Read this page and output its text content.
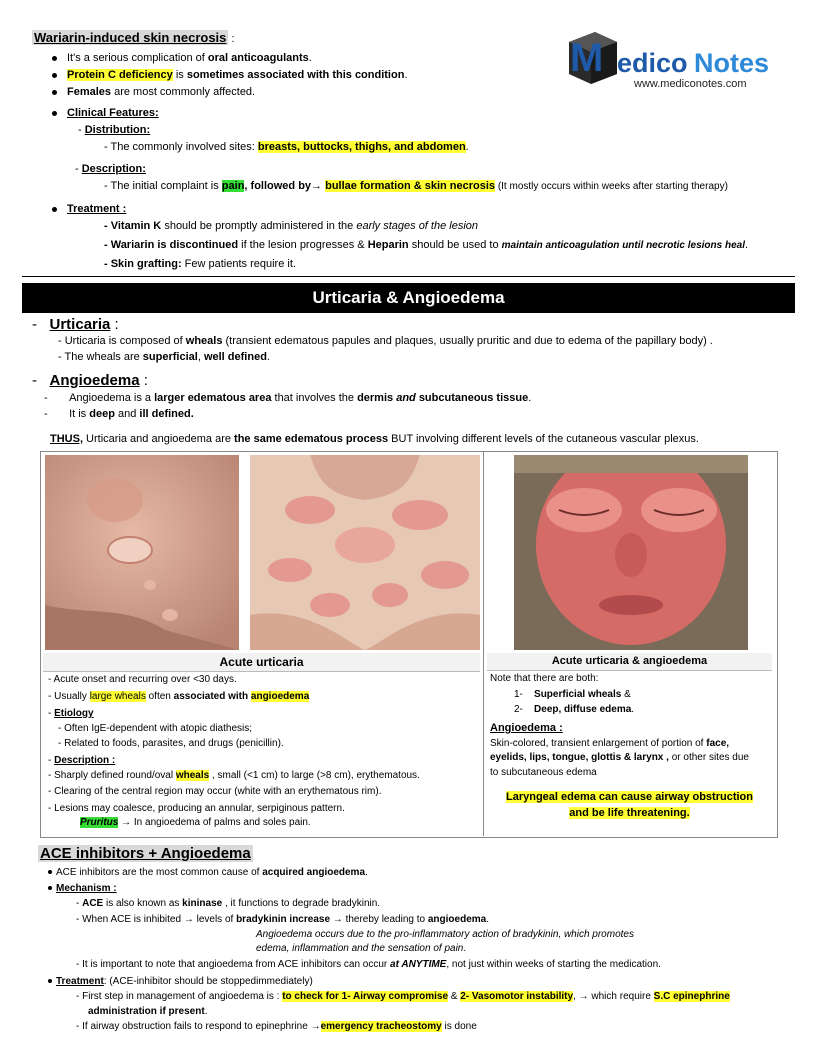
M edico Notes
www.mediconotes.com
Wariarin-induced skin necrosis :
It's a serious complication of oral anticoagulants.
Protein C deficiency is sometimes associated with this condition.
Females are most commonly affected.
Clinical Features:
- Distribution:
- The commonly involved sites: breasts, buttocks, thighs, and abdomen.
- Description:
- The initial complaint is pain, followed by→ bullae formation & skin necrosis (It mostly occurs within weeks after starting therapy)
Treatment :
- Vitamin K should be promptly administered in the early stages of the lesion
- Wariarin is discontinued if the lesion progresses & Heparin should be used to maintain anticoagulation until necrotic lesions heal.
- Skin grafting: Few patients require it.
Urticaria & Angioedema
- Urticaria :
- Urticaria is composed of wheals (transient edematous papules and plaques, usually pruritic and due to edema of the papillary body) .
- The wheals are superficial, well defined.
- Angioedema :
-       Angioedema is a larger edematous area that involves the dermis and subcutaneous tissue.
-       It is deep and ill defined.
THUS, Urticaria and angioedema are the same edematous process BUT involving different levels of the cutaneous vascular plexus.
Acute urticaria	Acute urticaria & angioedema
- Acute onset and recurring over <30 days.
- Usually large wheals often associated with angioedema
- Etiology
- Often IgE-dependent with atopic diathesis;
- Related to foods, parasites, and drugs (penicillin).
- Description :
- Sharply defined round/oval wheals , small (<1 cm) to large (>8 cm), erythematous.
- Clearing of the central region may occur (white with an erythematous rim).
- Lesions may coalesce, producing an annular, serpiginous pattern.
Pruritus → In angioedema of palms and soles pain.
Note that there are both:
1- Superficial wheals &
2- Deep, diffuse edema.
Angioedema :
Skin-colored, transient enlargement of portion of face,
eyelids, lips, tongue, glottis & larynx , or other sites due
to subcutaneous edema
Laryngeal edema can cause airway obstruction
and be life threatening.
ACE inhibitors + Angioedema
ACE inhibitors are the most common cause of acquired angioedema.
Mechanism :
- ACE is also known as kininase , it functions to degrade bradykinin.
- When ACE is inhibited → levels of bradykinin increase → thereby leading to angioedema.
Angioedema occurs due to the pro-inflammatory action of bradykinin, which promotes
edema, inflammation and the sensation of pain.
- It is important to note that angioedema from ACE inhibitors can occur at ANYTIME, not just within weeks of starting the medication.
Treatment: (ACE-inhibitor should be stoppedimmediately)
- First step in management of angioedema is : to check for 1- Airway compromise & 2- Vasomotor instability, → which require S.C epinephrine
administration if present.
- If airway obstruction fails to respond to epinephrine →emergency tracheostomy is done
